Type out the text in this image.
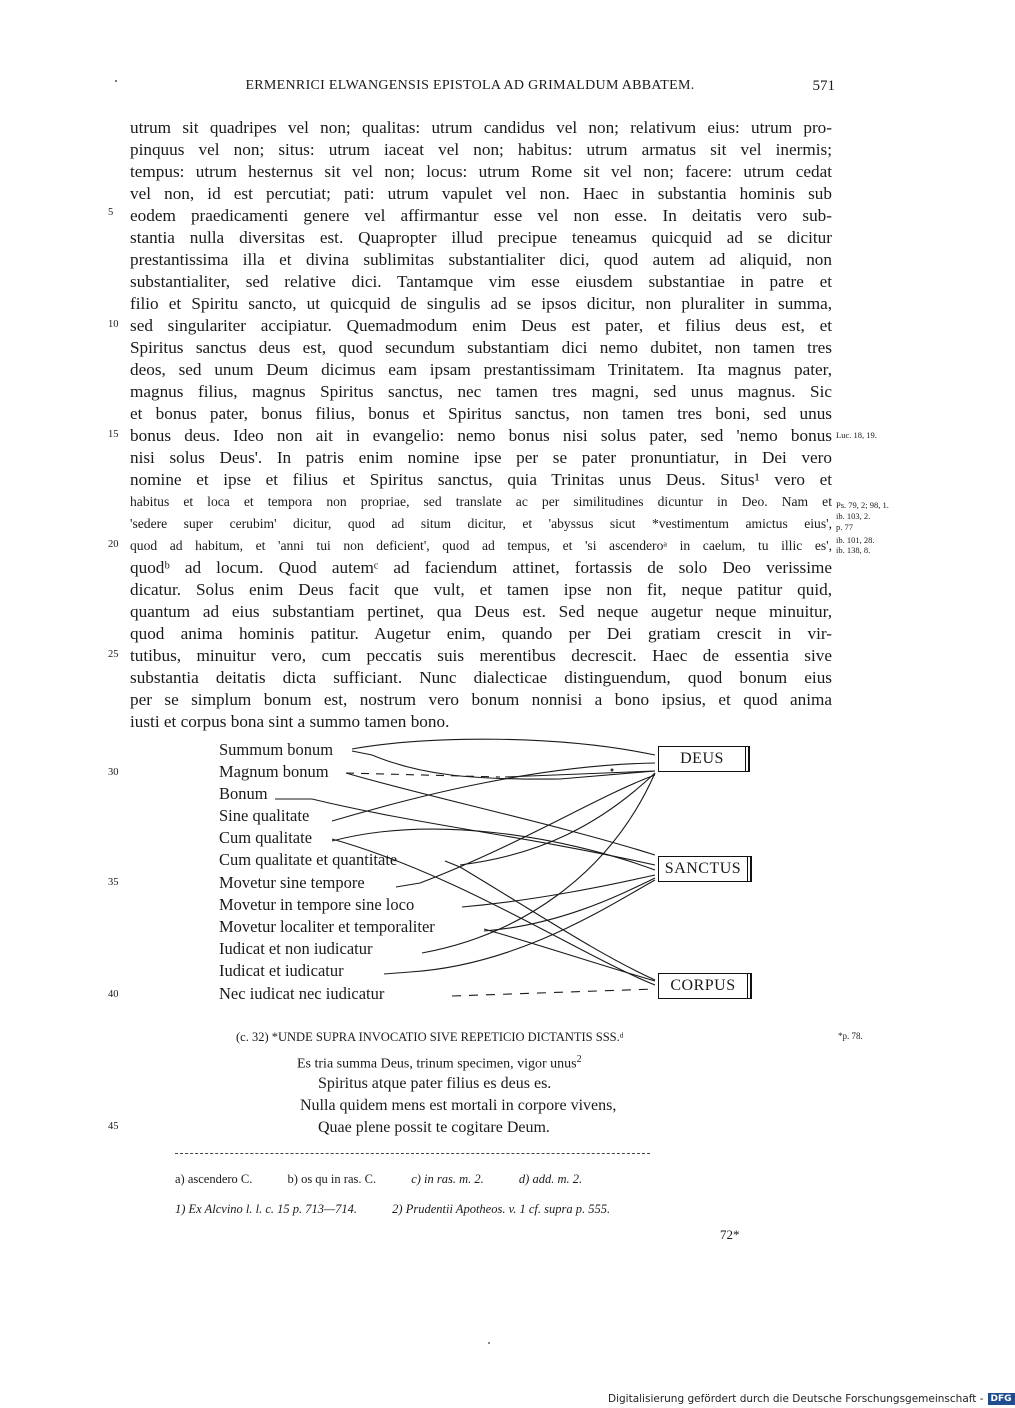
ERMENRICI ELWANGENSIS EPISTOLA AD GRIMALDUM ABBATEM.	571
utrum sit quadripes vel non; qualitas: utrum candidus vel non; relativum eius: utrum pro-
pinquus vel non; situs: utrum iaceat vel non; habitus: utrum armatus sit vel inermis;
tempus: utrum hesternus sit vel non; locus: utrum Rome sit vel non; facere: utrum cedat
vel non, id est percutiat; pati: utrum vapulet vel non. Haec in substantia hominis sub
eodem praedicamenti genere vel affirmantur esse vel non esse. In deitatis vero sub-
stantia nulla diversitas est. Quapropter illud precipue teneamus quicquid ad se dicitur
prestantissima illa et divina sublimitas substantialiter dici, quod autem ad aliquid, non
substantialiter, sed relative dici. Tantamque vim esse eiusdem substantiae in patre et
filio et Spiritu sancto, ut quicquid de singulis ad se ipsos dicitur, non pluraliter in summa,
sed singulariter accipiatur. Quemadmodum enim Deus est pater, et filius deus est, et
Spiritus sanctus deus est, quod secundum substantiam dici nemo dubitet, non tamen tres
deos, sed unum Deum dicimus eam ipsam prestantissimam Trinitatem. Ita magnus pater,
magnus filius, magnus Spiritus sanctus, nec tamen tres magni, sed unus magnus. Sic
et bonus pater, bonus filius, bonus et Spiritus sanctus, non tamen tres boni, sed unus
bonus deus. Ideo non ait in evangelio: nemo bonus nisi solus pater, sed 'nemo bonus
nisi solus Deus'. In patris enim nomine ipse per se pater pronuntiatur, in Dei vero
nomine et ipse et filius et Spiritus sanctus, quia Trinitas unus Deus. Situs¹ vero et
habitus et loca et tempora non propriae, sed translate ac per similitudines dicuntur in Deo. Nam et
'sedere super cerubim' dicitur, quod ad situm dicitur, et 'abyssus sicut *vestimentum amictus eius',
quod ad habitum, et 'anni tui non deficient', quod ad tempus, et 'si ascenderoᵃ in caelum, tu illic es',
quodᵇ ad locum. Quod autemᶜ ad faciendum attinet, fortassis de solo Deo verissime
dicatur. Solus enim Deus facit que vult, et tamen ipse non fit, neque patitur quid,
quantum ad eius substantiam pertinet, qua Deus est. Sed neque augetur neque minuitur,
quod anima hominis patitur. Augetur enim, quando per Dei gratiam crescit in vir-
tutibus, minuitur vero, cum peccatis suis merentibus decrescit. Haec de essentia sive
substantia deitatis dicta sufficiant. Nunc dialecticae distinguendum, quod bonum eius
per se simplum bonum est, nostrum vero bonum nonnisi a bono ipsius, et quod anima
iusti et corpus bona sint a summo tamen bono.
5
10
15
20
25
30
35
40
45
Luc. 18, 19.
Ps. 79, 2; 98, 1.
ib. 103, 2.
p. 77
ib. 101, 28.
ib. 138, 8.
Summum bonum
Magnum bonum
Bonum
Sine qualitate
Cum qualitate
Cum qualitate et quantitate
Movetur sine tempore
Movetur in tempore sine loco
Movetur localiter et temporaliter
Iudicat et non iudicatur
Iudicat et iudicatur
Nec iudicat nec iudicatur
DEUS
SANCTUS
CORPUS
(c. 32) *UNDE SUPRA INVOCATIO SIVE REPETICIO DICTANTIS SSS.ᵈ	*p. 78.
Es tria summa Deus, trinum specimen, vigor unus$^2$
Spiritus atque pater filius es deus es.
Nulla quidem mens est mortali in corpore vivens,
Quae plene possit te cogitare Deum.
a) ascendero C.	b) os qu in ras. C.	c) in ras. m. 2.	d) add. m. 2.
1) Ex Alcvino l. l. c. 15 p. 713—714.	2) Prudentii Apotheos. v. 1 cf. supra p. 555.
72*
Digitalisierung gefördert durch die Deutsche Forschungsgemeinschaft - DFG
